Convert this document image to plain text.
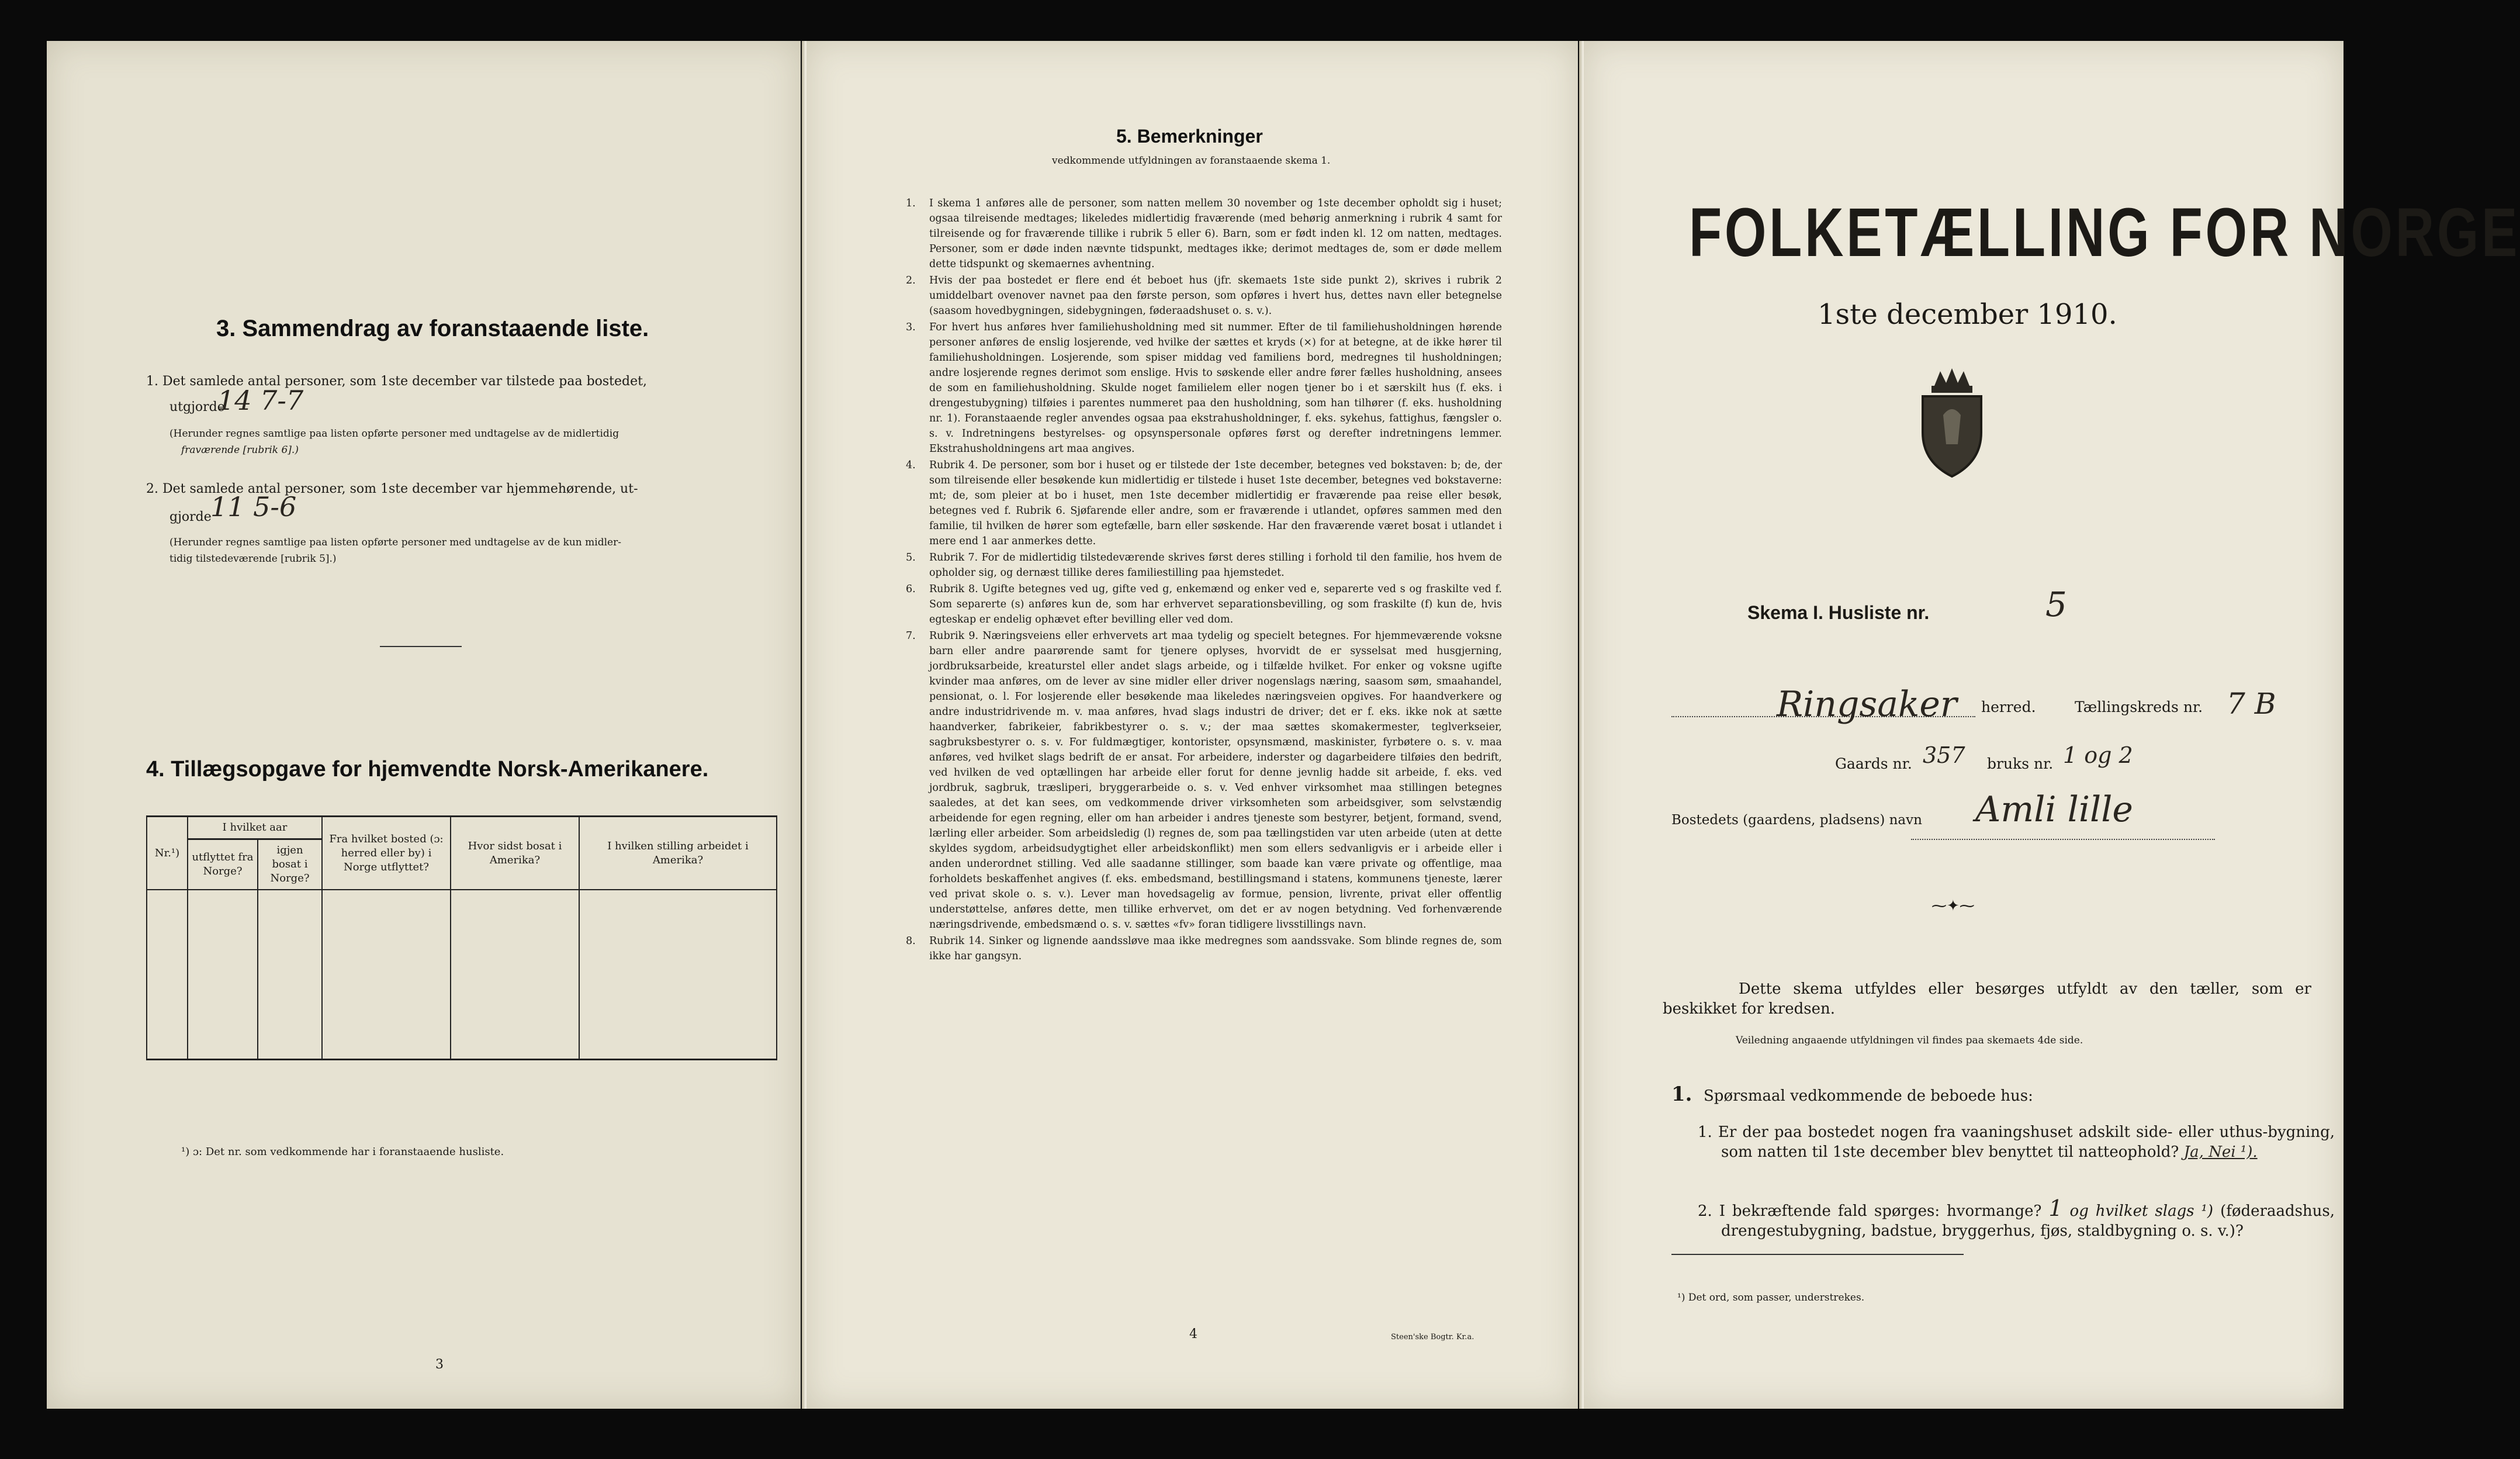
3. Sammendrag av foranstaaende liste.
1. Det samlede antal personer, som 1ste december var tilstede paa bostedet,
utgjorde
14 7-7
(Herunder regnes samtlige paa listen opførte personer med undtagelse av de midlertidig
fraværende [rubrik 6].)
2. Det samlede antal personer, som 1ste december var hjemmehørende, ut-
gjorde
11 5-6
(Herunder regnes samtlige paa listen opførte personer med undtagelse av de kun midler-
tidig tilstedeværende [rubrik 5].)
4. Tillægsopgave for hjemvendte Norsk-Amerikanere.
Nr.¹)	I hvilket aar		Fra hvilket bosted (ɔ: herred eller by) i Norge utflyttet?	Hvor sidst bosat i Amerika?	I hvilken stilling arbeidet i Amerika?
	utflyttet fra Norge?	igjen bosat i Norge?			

¹) ɔ: Det nr. som vedkommende har i foranstaaende husliste.
3
5. Bemerkninger
vedkommende utfyldningen av foranstaaende skema 1.
1.	I skema 1 anføres alle de personer, som natten mellem 30 november og 1ste december opholdt sig i huset; ogsaa tilreisende medtages; likeledes midlertidig fraværende (med behørig anmerkning i rubrik 4 samt for tilreisende og for fraværende tillike i rubrik 5 eller 6). Barn, som er født inden kl. 12 om natten, medtages. Personer, som er døde inden nævnte tidspunkt, medtages ikke; derimot medtages de, som er døde mellem dette tidspunkt og skemaernes avhentning.
2.	Hvis der paa bostedet er flere end ét beboet hus (jfr. skemaets 1ste side punkt 2), skrives i rubrik 2 umiddelbart ovenover navnet paa den første person, som opføres i hvert hus, dettes navn eller betegnelse (saasom hovedbygningen, sidebygningen, føderaadshuset o. s. v.).
3.	For hvert hus anføres hver familiehusholdning med sit nummer. Efter de til familiehusholdningen hørende personer anføres de enslig losjerende, ved hvilke der sættes et kryds (×) for at betegne, at de ikke hører til familiehusholdningen. Losjerende, som spiser middag ved familiens bord, medregnes til husholdningen; andre losjerende regnes derimot som enslige. Hvis to søskende eller andre fører fælles husholdning, ansees de som en familiehusholdning. Skulde noget familielem eller nogen tjener bo i et særskilt hus (f. eks. i drengestubygning) tilføies i parentes nummeret paa den husholdning, som han tilhører (f. eks. husholdning nr. 1). Foranstaaende regler anvendes ogsaa paa ekstrahusholdninger, f. eks. sykehus, fattighus, fængsler o. s. v. Indretningens bestyrelses- og opsynspersonale opføres først og derefter indretningens lemmer. Ekstrahusholdningens art maa angives.
4.	Rubrik 4. De personer, som bor i huset og er tilstede der 1ste december, betegnes ved bokstaven: b; de, der som tilreisende eller besøkende kun midlertidig er tilstede i huset 1ste december, betegnes ved bokstaverne: mt; de, som pleier at bo i huset, men 1ste december midlertidig er fraværende paa reise eller besøk, betegnes ved f. Rubrik 6. Sjøfarende eller andre, som er fraværende i utlandet, opføres sammen med den familie, til hvilken de hører som egtefælle, barn eller søskende. Har den fraværende været bosat i utlandet i mere end 1 aar anmerkes dette.
5.	Rubrik 7. For de midlertidig tilstedeværende skrives først deres stilling i forhold til den familie, hos hvem de opholder sig, og dernæst tillike deres familiestilling paa hjemstedet.
6.	Rubrik 8. Ugifte betegnes ved ug, gifte ved g, enkemænd og enker ved e, separerte ved s og fraskilte ved f. Som separerte (s) anføres kun de, som har erhvervet separationsbevilling, og som fraskilte (f) kun de, hvis egteskap er endelig ophævet efter bevilling eller ved dom.
7.	Rubrik 9. Næringsveiens eller erhvervets art maa tydelig og specielt betegnes. For hjemmeværende voksne barn eller andre paarørende samt for tjenere oplyses, hvorvidt de er sysselsat med husgjerning, jordbruksarbeide, kreaturstel eller andet slags arbeide, og i tilfælde hvilket. For enker og voksne ugifte kvinder maa anføres, om de lever av sine midler eller driver nogenslags næring, saasom søm, smaahandel, pensionat, o. l. For losjerende eller besøkende maa likeledes næringsveien opgives. For haandverkere og andre industridrivende m. v. maa anføres, hvad slags industri de driver; det er f. eks. ikke nok at sætte haandverker, fabrikeier, fabrikbestyrer o. s. v.; der maa sættes skomakermester, teglverkseier, sagbruksbestyrer o. s. v. For fuldmægtiger, kontorister, opsynsmænd, maskinister, fyrbøtere o. s. v. maa anføres, ved hvilket slags bedrift de er ansat. For arbeidere, inderster og dagarbeidere tilføies den bedrift, ved hvilken de ved optællingen har arbeide eller forut for denne jevnlig hadde sit arbeide, f. eks. ved jordbruk, sagbruk, træsliperi, bryggerarbeide o. s. v. Ved enhver virksomhet maa stillingen betegnes saaledes, at det kan sees, om vedkommende driver virksomheten som arbeidsgiver, som selvstændig arbeidende for egen regning, eller om han arbeider i andres tjeneste som bestyrer, betjent, formand, svend, lærling eller arbeider. Som arbeidsledig (l) regnes de, som paa tællingstiden var uten arbeide (uten at dette skyldes sygdom, arbeidsudygtighet eller arbeidskonflikt) men som ellers sedvanligvis er i arbeide eller i anden underordnet stilling. Ved alle saadanne stillinger, som baade kan være private og offentlige, maa forholdets beskaffenhet angives (f. eks. embedsmand, bestillingsmand i statens, kommunens tjeneste, lærer ved privat skole o. s. v.). Lever man hovedsagelig av formue, pension, livrente, privat eller offentlig understøttelse, anføres dette, men tillike erhvervet, om det er av nogen betydning. Ved forhenværende næringsdrivende, embedsmænd o. s. v. sættes «fv» foran tidligere livsstillings navn.
8.	Rubrik 14. Sinker og lignende aandssløve maa ikke medregnes som aandssvake. Som blinde regnes de, som ikke har gangsyn.
4	Steen'ske Bogtr. Kr.a.
FOLKETÆLLING FOR NORGE
1ste december 1910.
Skema I. Husliste nr.	5
Ringsaker herred.	Tællingskreds nr. 7 B
Gaards nr. 357 bruks nr. 1 og 2
Bostedets (gaardens, pladsens) navn Amli lille
⁓✦⁓
Dette skema utfyldes eller besørges utfyldt av den tæller, som er beskikket for kredsen.
Veiledning angaaende utfyldningen vil findes paa skemaets 4de side.
1. Spørsmaal vedkommende de beboede hus:
1. Er der paa bostedet nogen fra vaaningshuset adskilt side- eller uthus-bygning, som natten til 1ste december blev benyttet til natteophold? Ja, Nei ¹).
2. I bekræftende fald spørges: hvormange? 1 og hvilket slags ¹) (føderaadshus, drengestubygning, badstue, bryggerhus, fjøs, staldbygning o. s. v.)?
¹) Det ord, som passer, understrekes.
